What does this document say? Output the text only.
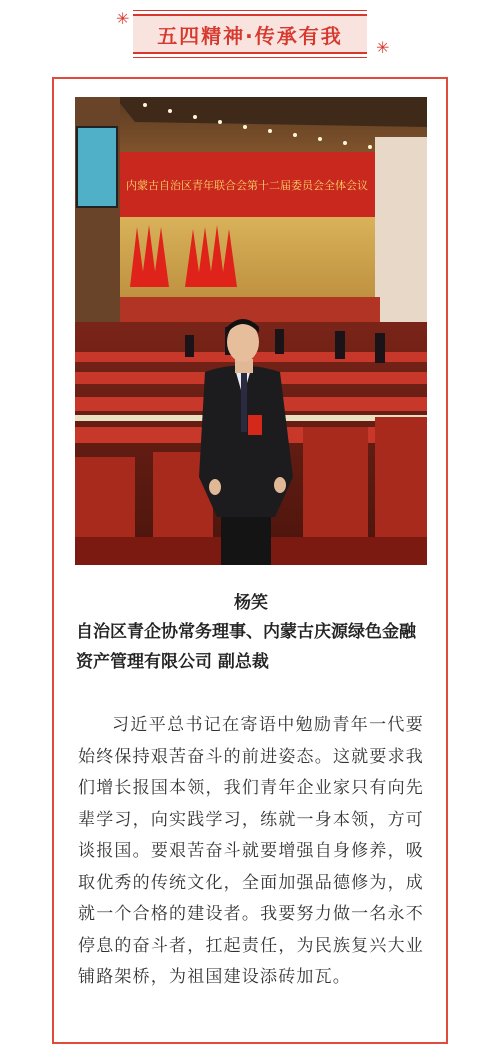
✳
五四精神·传承有我 ✳
内蒙古自治区青年联合会第十二届委员会全体会议
杨笑
自治区青企协常务理事、内蒙古庆源绿色金融资产管理有限公司 副总裁
习近平总书记在寄语中勉励青年一代要始终保持艰苦奋斗的前进姿态。这就要求我们增长报国本领，我们青年企业家只有向先辈学习，向实践学习，练就一身本领，方可谈报国。要艰苦奋斗就要增强自身修养，吸取优秀的传统文化，全面加强品德修为，成就一个合格的建设者。我要努力做一名永不停息的奋斗者，扛起责任，为民族复兴大业铺路架桥，为祖国建设添砖加瓦。
